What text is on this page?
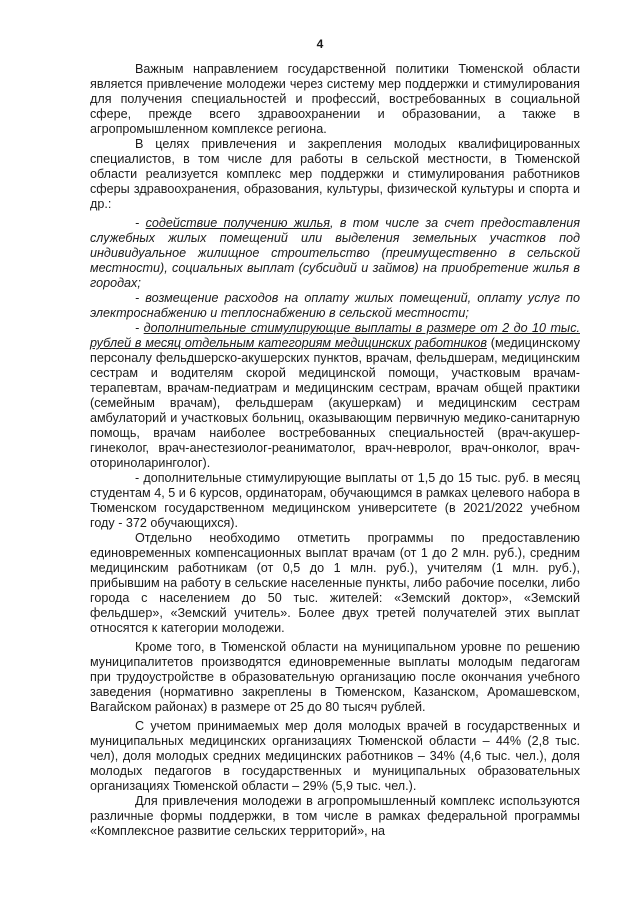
4

Важным направлением государственной политики Тюменской области является привлечение молодежи через систему мер поддержки и стимулирования для получения специальностей и профессий, востребованных в социальной сфере, прежде всего здравоохранении и образовании, а также в агропромышленном комплексе региона.

В целях привлечения и закрепления молодых квалифицированных специалистов, в том числе для работы в сельской местности, в Тюменской области реализуется комплекс мер поддержки и стимулирования работников сферы здравоохранения, образования, культуры, физической культуры и спорта и др.:

- содействие получению жилья, в том числе за счет предоставления служебных жилых помещений или выделения земельных участков под индивидуальное жилищное строительство (преимущественно в сельской местности), социальных выплат (субсидий и займов) на приобретение жилья в городах;

- возмещение расходов на оплату жилых помещений, оплату услуг по электроснабжению и теплоснабжению в сельской местности;

- дополнительные стимулирующие выплаты в размере от 2 до 10 тыс. рублей в месяц отдельным категориям медицинских работников (медицинскому персоналу фельдшерско-акушерских пунктов, врачам, фельдшерам, медицинским сестрам и водителям скорой медицинской помощи, участковым врачам-терапевтам, врачам-педиатрам и медицинским сестрам, врачам общей практики (семейным врачам), фельдшерам (акушеркам) и медицинским сестрам амбулаторий и участковых больниц, оказывающим первичную медико-санитарную помощь, врачам наиболее востребованных специальностей (врач-акушер-гинеколог, врач-анестезиолог-реаниматолог, врач-невролог, врач-онколог, врач-оториноларинголог).

- дополнительные стимулирующие выплаты от 1,5 до 15 тыс. руб. в месяц студентам 4, 5 и 6 курсов, ординаторам, обучающимся в рамках целевого набора в Тюменском государственном медицинском университете (в 2021/2022 учебном году - 372 обучающихся).

Отдельно необходимо отметить программы по предоставлению единовременных компенсационных выплат врачам (от 1 до 2 млн. руб.), средним медицинским работникам (от 0,5 до 1 млн. руб.), учителям (1 млн. руб.), прибывшим на работу в сельские населенные пункты, либо рабочие поселки, либо города с населением до 50 тыс. жителей: «Земский доктор», «Земский фельдшер», «Земский учитель». Более двух третей получателей этих выплат относятся к категории молодежи.

Кроме того, в Тюменской области на муниципальном уровне по решению муниципалитетов производятся единовременные выплаты молодым педагогам при трудоустройстве в образовательную организацию после окончания учебного заведения (нормативно закреплены в Тюменском, Казанском, Аромашевском, Вагайском районах) в размере от 25 до 80 тысяч рублей.

С учетом принимаемых мер доля молодых врачей в государственных и муниципальных медицинских организациях Тюменской области – 44% (2,8 тыс. чел), доля молодых средних медицинских работников – 34% (4,6 тыс. чел.), доля молодых педагогов в государственных и муниципальных образовательных организациях Тюменской области – 29% (5,9 тыс. чел.).

Для привлечения молодежи в агропромышленный комплекс используются различные формы поддержки, в том числе в рамках федеральной программы «Комплексное развитие сельских территорий», на
